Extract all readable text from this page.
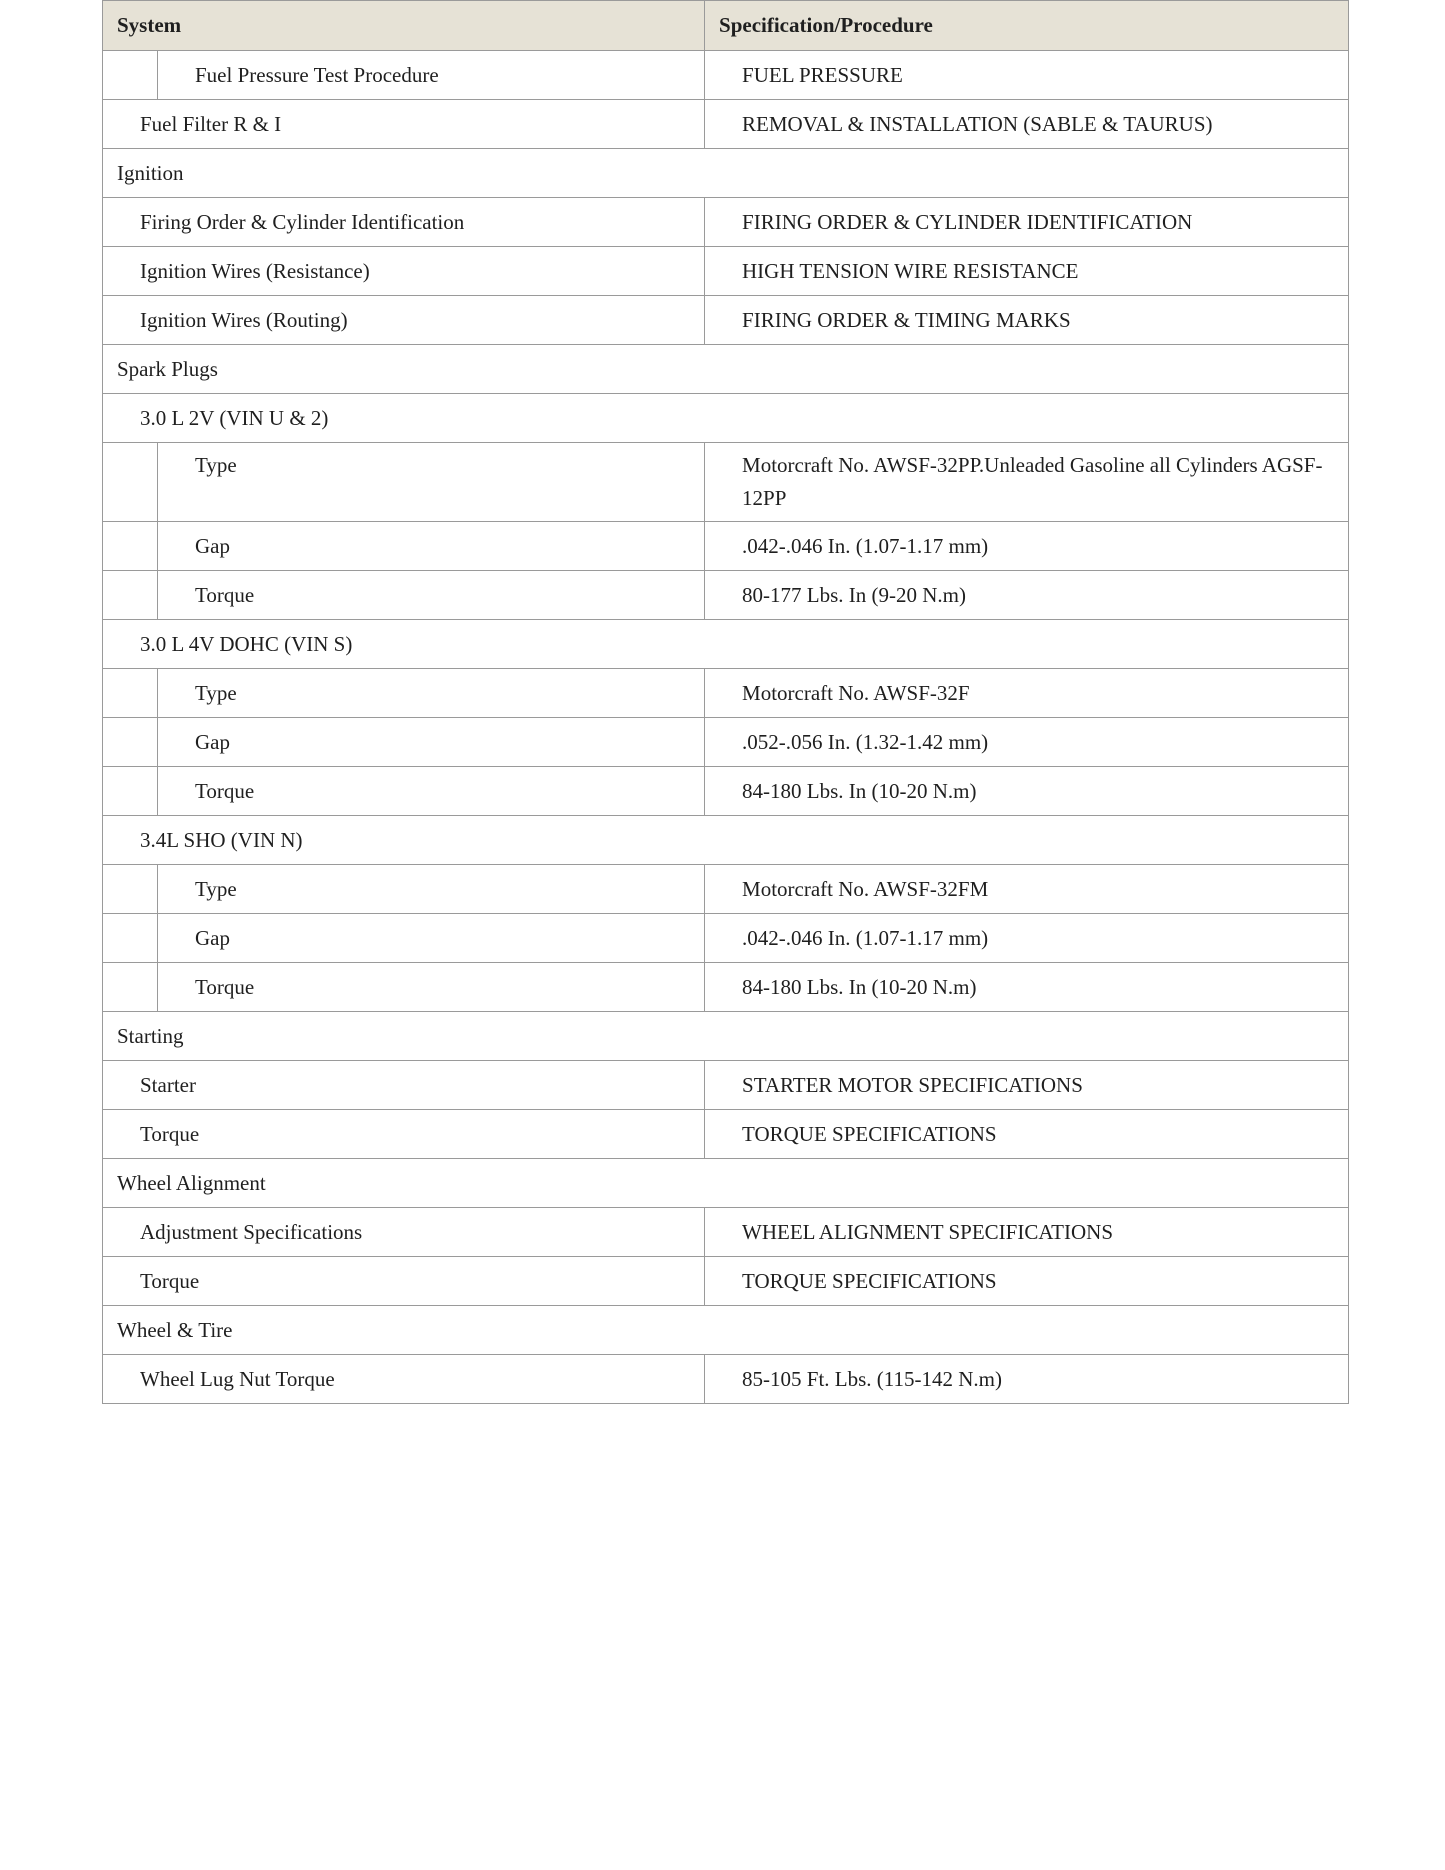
System		Specification/Procedure
	Fuel Pressure Test Procedure	FUEL PRESSURE
Fuel Filter R & I		REMOVAL & INSTALLATION (SABLE & TAURUS)
Ignition		
Firing Order & Cylinder Identification		FIRING ORDER & CYLINDER IDENTIFICATION
Ignition Wires (Resistance)		HIGH TENSION WIRE RESISTANCE
Ignition Wires (Routing)		FIRING ORDER & TIMING MARKS
Spark Plugs		
3.0 L 2V (VIN U & 2)		
	Type	Motorcraft No. AWSF-32PP.Unleaded Gasoline all Cylinders AGSF-12PP
	Gap	.042-.046 In. (1.07-1.17 mm)
	Torque	80-177 Lbs. In (9-20 N.m)
3.0 L 4V DOHC (VIN S)		
	Type	Motorcraft No. AWSF-32F
	Gap	.052-.056 In. (1.32-1.42 mm)
	Torque	84-180 Lbs. In (10-20 N.m)
3.4L SHO (VIN N)		
	Type	Motorcraft No. AWSF-32FM
	Gap	.042-.046 In. (1.07-1.17 mm)
	Torque	84-180 Lbs. In (10-20 N.m)
Starting		
Starter		STARTER MOTOR SPECIFICATIONS
Torque		TORQUE SPECIFICATIONS
Wheel Alignment		
Adjustment Specifications		WHEEL ALIGNMENT SPECIFICATIONS
Torque		TORQUE SPECIFICATIONS
Wheel & Tire		
Wheel Lug Nut Torque		85-105 Ft. Lbs. (115-142 N.m)
